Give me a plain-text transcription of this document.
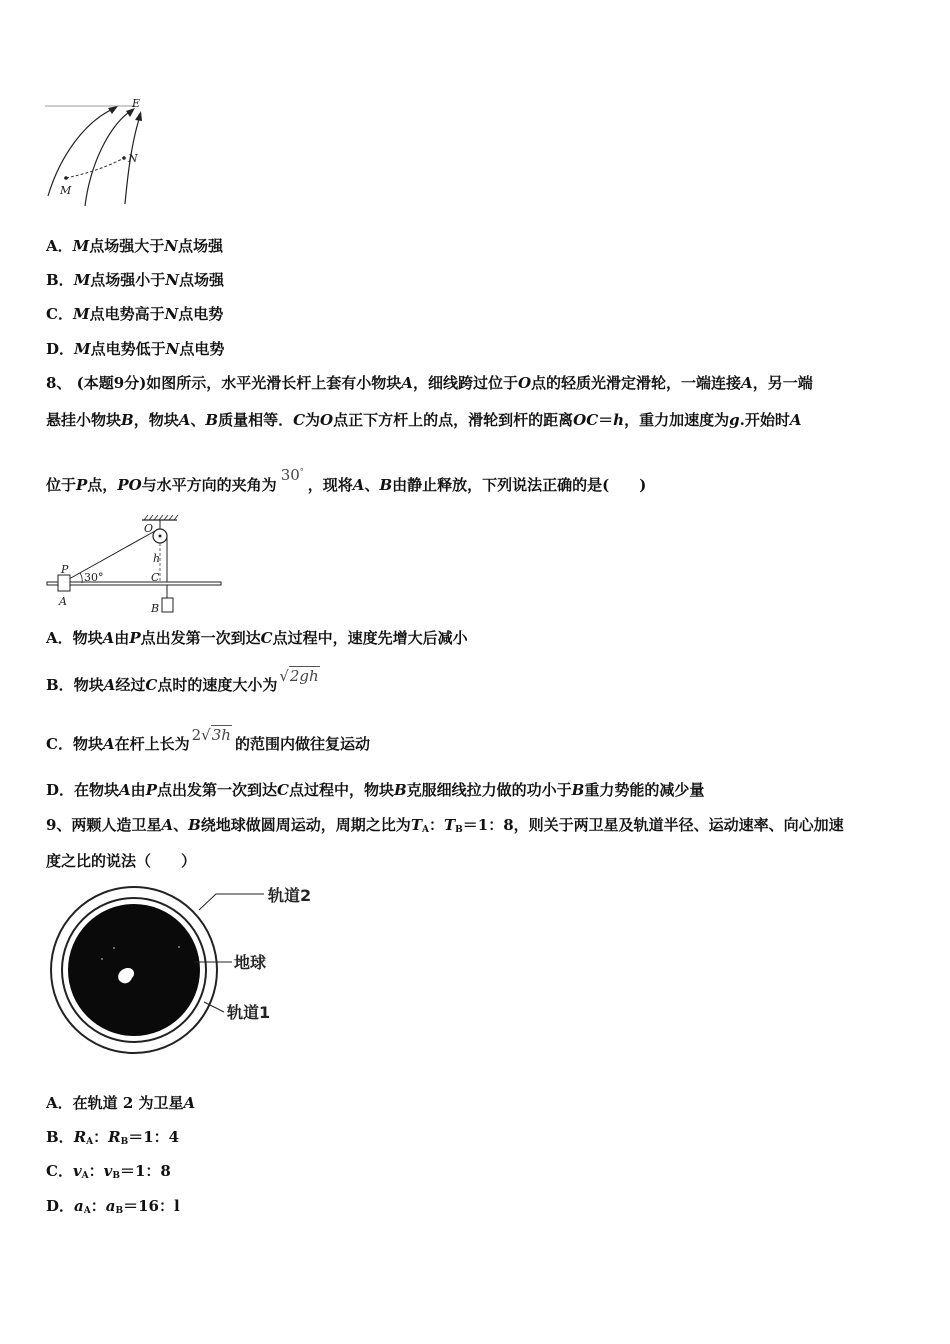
E
N
M
A．M点场强大于N点场强
B．M点场强小于N点场强
C．M点电势高于N点电势
D．M点电势低于N点电势
8、 (本题9分)如图所示，水平光滑长杆上套有小物块A，细线跨过位于O点的轻质光滑定滑轮，一端连接A，另一端
悬挂小物块B，物块A、B质量相等．C为O点正下方杆上的点，滑轮到杆的距离OC＝h，重力加速度为g.开始时A
位于P点，PO与水平方向的夹角为30°，现将A、B由静止释放，下列说法正确的是(　　)
O
h
P
30°	C
A
B
A．物块A由P点出发第一次到达C点过程中，速度先增大后减小
B．物块A经过C点时的速度大小为 √2gh
C．物块A在杆上长为 2√3h 的范围内做往复运动
D．在物块A由P点出发第一次到达C点过程中，物块B克服细线拉力做的功小于B重力势能的减少量
9、两颗人造卫星A、B绕地球做圆周运动，周期之比为$T_A$：$T_B=1$：8，则关于两卫星及轨道半径、运动速率、向心加速
度之比的说法（　　）
轨道2
地球
轨道1
A．在轨道 2 为卫星A
B．$R_A$：$R_B=1$：4
C．$v_A$：$v_B=1$：8
D．$a_A$：$a_B=16$：l
